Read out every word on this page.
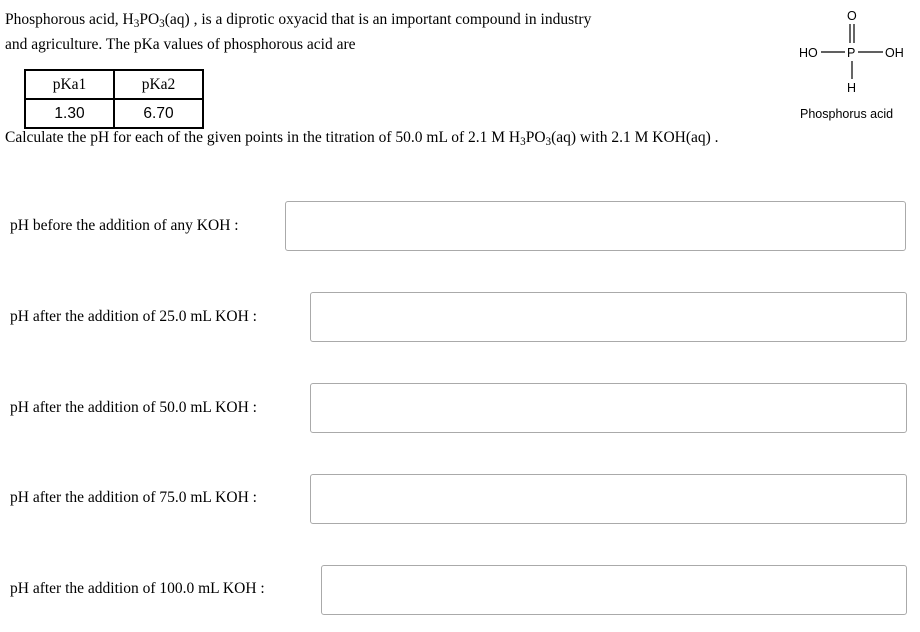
Phosphorous acid, $H_3PO_3(aq)$ , is a diprotic oxyacid that is an important compound in industry

and agriculture. The pKa values of phosphorous acid are

pKa1	pKa2
1.30	6.70
O
HO P OH
H
Phosphorus acid
Calculate the pH for each of the given points in the titration of 50.0 mL of 2.1 M $H_3PO_3(aq)$ with 2.1 M KOH(aq) .
pH before the addition of any KOH :
pH after the addition of 25.0 mL KOH :
pH after the addition of 50.0 mL KOH :
pH after the addition of 75.0 mL KOH :
pH after the addition of 100.0 mL KOH :
